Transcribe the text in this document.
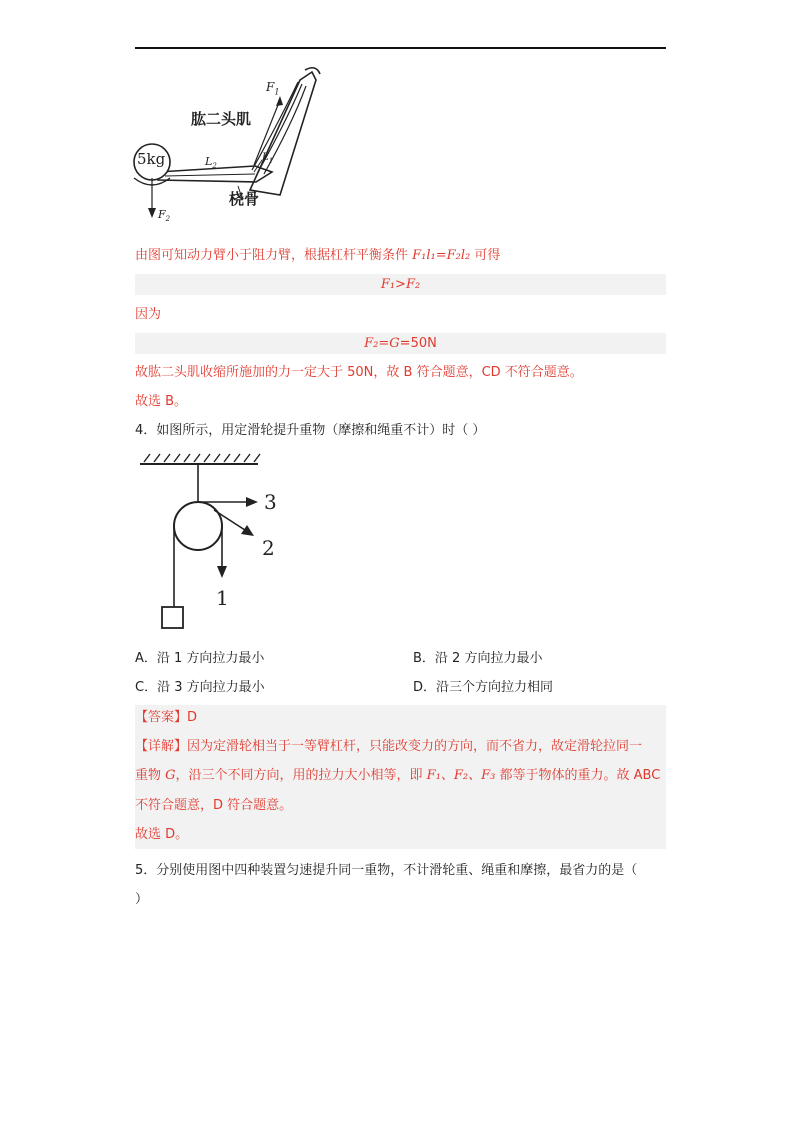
$F_1$
肱二头肌
5kg	$L_2$
$L_1$
桡骨
$F_2$
由图可知动力臂小于阻力臂，根据杠杆平衡条件 F₁l₁=F₂l₂ 可得
F₁>F₂
因为
F₂=G=50N
故肱二头肌收缩所施加的力一定大于 50N，故 B 符合题意，CD 不符合题意。
故选 B。
4．如图所示，用定滑轮提升重物（摩擦和绳重不计）时（ ）
3
2
1
A．沿 1 方向拉力最小	B．沿 2 方向拉力最小
C．沿 3 方向拉力最小	D．沿三个方向拉力相同
【答案】D
【详解】因为定滑轮相当于一等臂杠杆，只能改变力的方向，而不省力，故定滑轮拉同一
重物 G，沿三个不同方向，用的拉力大小相等，即 F₁、F₂、F₃ 都等于物体的重力。故 ABC
不符合题意，D 符合题意。
故选 D。
5．分别使用图中四种装置匀速提升同一重物，不计滑轮重、绳重和摩擦，最省力的是（
）
